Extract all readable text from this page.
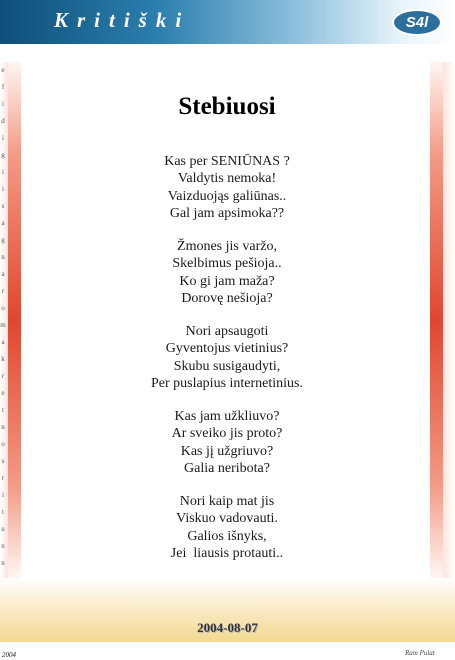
Kritiški	S4l
e
f
i
d
i
g
i
i
s
a
g
n
a
r
o
m
a
k
r
e
t
n
o
s
r
i
t
u
n
n
Stebiuosi
Kas per SENIŪNAS ?
Valdytis nemoka!
Vaizduojąs galiūnas..
Gal jam apsimoka??
Žmones jis varžo,
Skelbimus pešioja..
Ko gi jam maža?
Dorovę nešioja?
Nori apsaugoti
Gyventojus vietinius?
Skubu susigaudyti,
Per puslapius internetinius.
Kas jam užkliuvo?
Ar sveiko jis proto?
Kas jį užgriuvo?
Galia neribota?
Nori kaip mat jis
Viskuo vadovauti.
Galios išnyks,
Jei  liausis protauti..
2004-08-07
2004	Ram Pulat
